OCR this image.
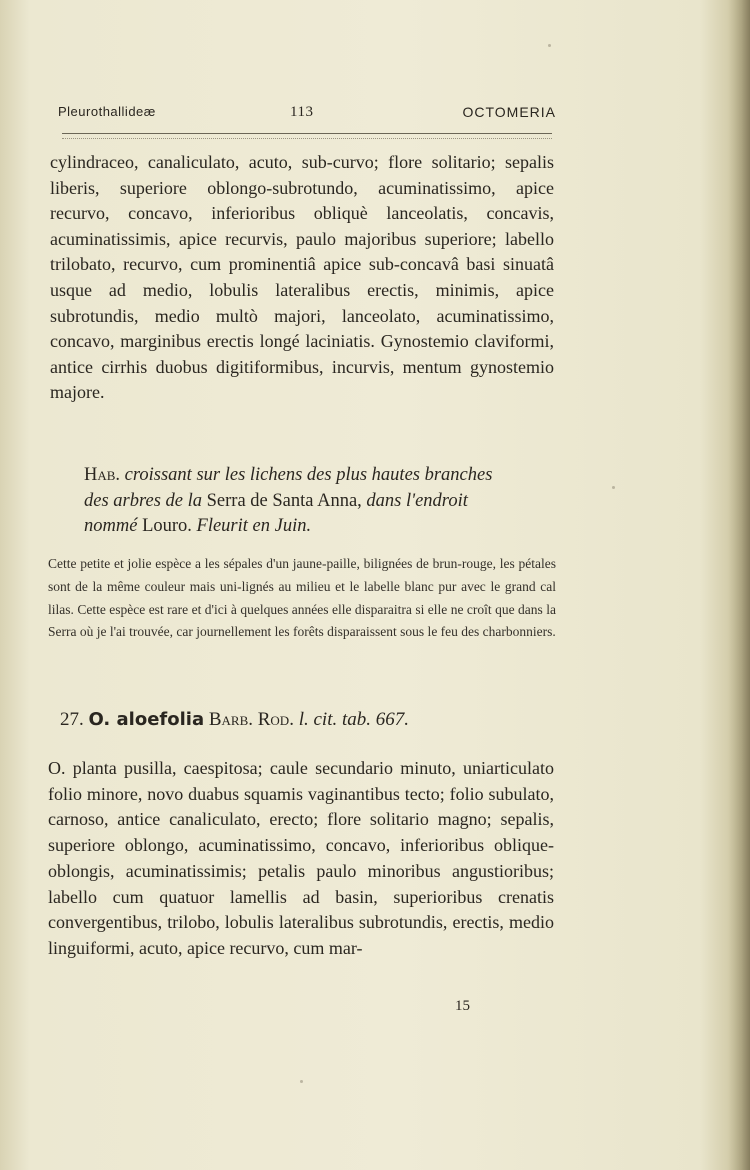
Pleurothallideæ	113	OCTOMERIA
cylindraceo, canaliculato, acuto, sub-curvo; flore solitario; sepalis liberis, superiore oblongo-subrotundo, acuminatissimo, apice recurvo, concavo, inferioribus obliquè lanceolatis, concavis, acuminatissimis, apice recurvis, paulo majoribus superiore; labello trilobato, recurvo, cum prominentiâ apice sub-concavâ basi sinuatâ usque ad medio, lobulis lateralibus erectis, minimis, apice subrotundis, medio multò majori, lanceolato, acuminatissimo, concavo, marginibus erectis longé laciniatis. Gynostemio claviformi, antice cirrhis duobus digitiformibus, incurvis, mentum gynostemio majore.
Hab. croissant sur les lichens des plus hautes branches
des arbres de la Serra de Santa Anna, dans l'endroit
nommé Louro. Fleurit en Juin.
Cette petite et jolie espèce a les sépales d'un jaune-paille, bilignées de brun-rouge, les pétales sont de la même couleur mais uni-lignés au milieu et le labelle blanc pur avec le grand cal lilas. Cette espèce est rare et d'ici à quelques années elle disparaitra si elle ne croît que dans la Serra où je l'ai trouvée, car journellement les forêts disparaissent sous le feu des charbonniers.
27. O. aloefolia Barb. Rod. l. cit. tab. 667.
O. planta pusilla, caespitosa; caule secundario minuto, uniarticulato folio minore, novo duabus squamis vaginantibus tecto; folio subulato, carnoso, antice canaliculato, erecto; flore solitario magno; sepalis, superiore oblongo, acuminatissimo, concavo, inferioribus oblique-oblongis, acuminatissimis; petalis paulo minoribus angustioribus; labello cum quatuor lamellis ad basin, superioribus crenatis convergentibus, trilobo, lobulis lateralibus subrotundis, erectis, medio linguiformi, acuto, apice recurvo, cum mar-
15
